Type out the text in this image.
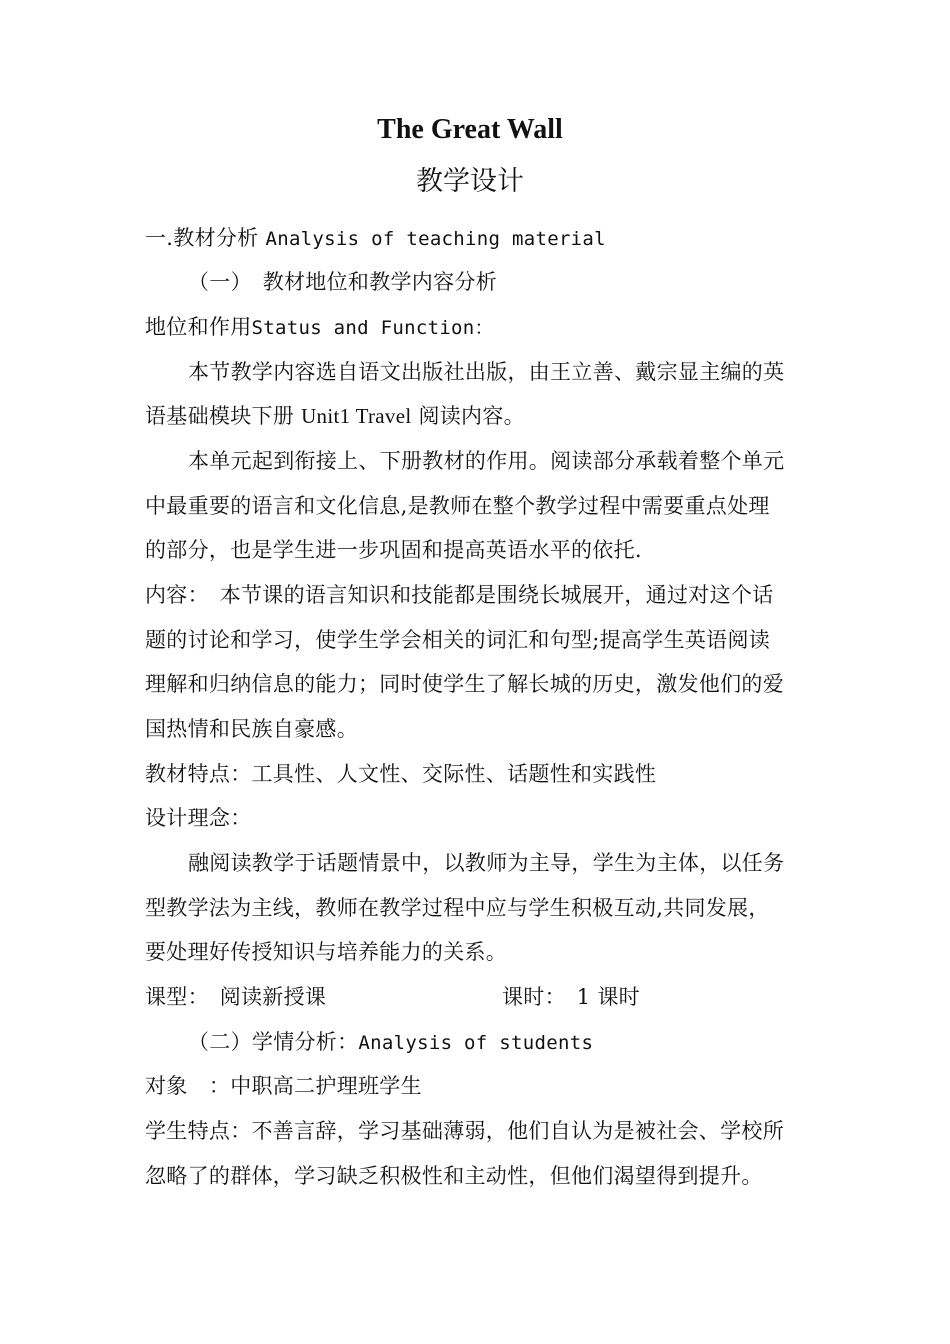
The Great Wall
教学设计
一.教材分析 Analysis of teaching material
（一）　教材地位和教学内容分析
地位和作用Status and Function：
本节教学内容选自语文出版社出版，由王立善、戴宗显主编的英
语基础模块下册 Unit1 Travel 阅读内容。
本单元起到衔接上、下册教材的作用。阅读部分承载着整个单元
中最重要的语言和文化信息,是教师在整个教学过程中需要重点处理
的部分，也是学生进一步巩固和提高英语水平的依托.
内容：　本节课的语言知识和技能都是围绕长城展开，通过对这个话
题的讨论和学习，使学生学会相关的词汇和句型;提高学生英语阅读
理解和归纳信息的能力；同时使学生了解长城的历史，激发他们的爱
国热情和民族自豪感。
教材特点：工具性、人文性、交际性、话题性和实践性
设计理念：
融阅读教学于话题情景中，以教师为主导，学生为主体，以任务
型教学法为主线，教师在教学过程中应与学生积极互动,共同发展，
要处理好传授知识与培养能力的关系。
课型：　阅读新授课	课时：　1 课时
（二）学情分析：Analysis of students
对象　：中职高二护理班学生
学生特点：不善言辞，学习基础薄弱，他们自认为是被社会、学校所
忽略了的群体，学习缺乏积极性和主动性，但他们渴望得到提升。
